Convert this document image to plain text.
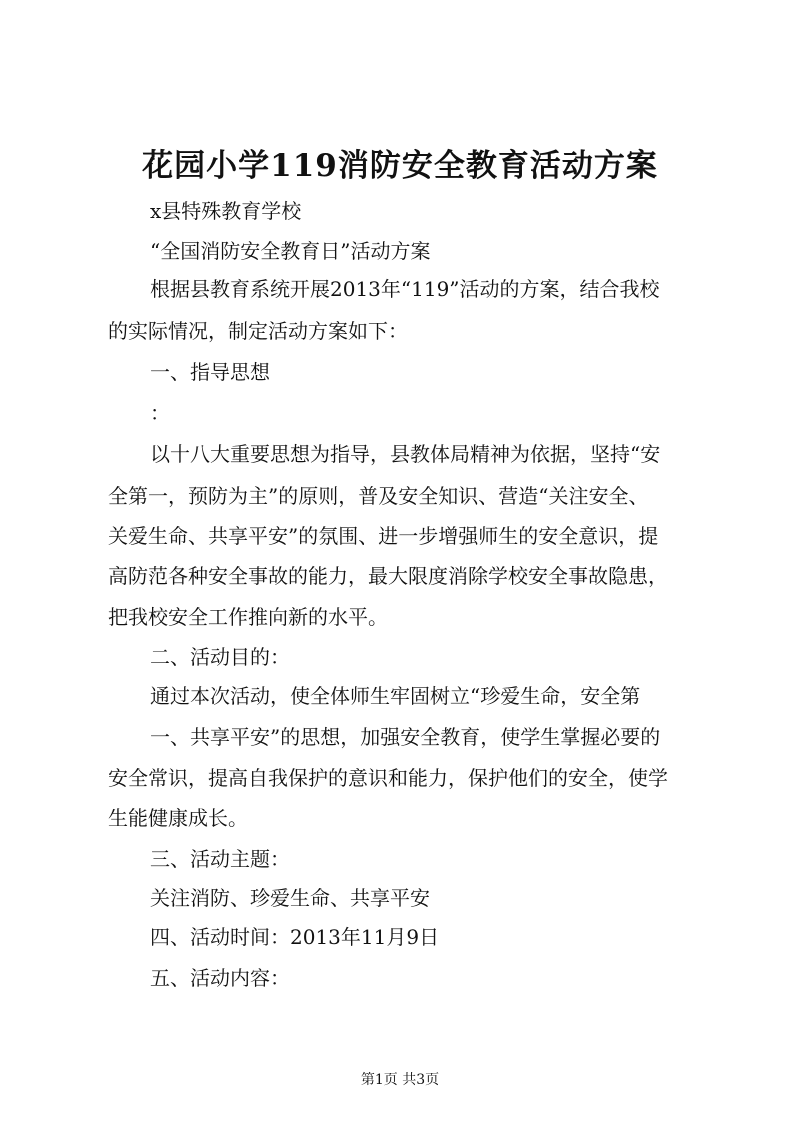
花园小学119消防安全教育活动方案

x县特殊教育学校

“全国消防安全教育日”活动方案

根据县教育系统开展2013年“119”活动的方案，结合我校

的实际情况，制定活动方案如下：

一、指导思想

：

以十八大重要思想为指导，县教体局精神为依据，坚持“安

全第一，预防为主”的原则，普及安全知识、营造“关注安全、

关爱生命、共享平安”的氛围、进一步增强师生的安全意识，提

高防范各种安全事故的能力，最大限度消除学校安全事故隐患，

把我校安全工作推向新的水平。

二、活动目的：

通过本次活动，使全体师生牢固树立“珍爱生命，安全第

一、共享平安”的思想，加强安全教育，使学生掌握必要的

安全常识，提高自我保护的意识和能力，保护他们的安全，使学

生能健康成长。

三、活动主题：

关注消防、珍爱生命、共享平安

四、活动时间：2013年11月9日

五、活动内容：

第1页 共3页
